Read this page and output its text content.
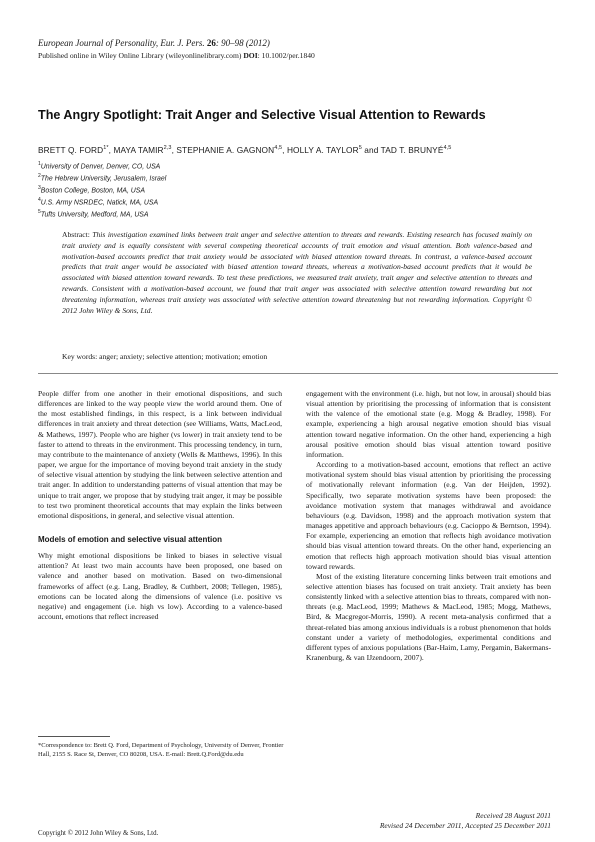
European Journal of Personality, Eur. J. Pers. 26: 90–98 (2012)
Published online in Wiley Online Library (wileyonlinelibrary.com) DOI: 10.1002/per.1840
The Angry Spotlight: Trait Anger and Selective Visual Attention to Rewards
BRETT Q. $FORD^{1*}$, MAYA TAMIR$^{2,3}$, STEPHANIE A. GAGNON$^{4,5}$, HOLLY A. TAYLOR$^5$ and TAD T. BRUNYÉ$^{4,5}$
$^1$University of Denver, Denver, CO, USA
$^2$The Hebrew University, Jerusalem, Israel
$^3$Boston College, Boston, MA, USA
$^4$U.S. Army NSRDEC, Natick, MA, USA
$^5$Tufts University, Medford, MA, USA
Abstract: This investigation examined links between trait anger and selective attention to threats and rewards. Existing research has focused mainly on trait anxiety and is equally consistent with several competing theoretical accounts of trait emotion and visual attention. Both valence-based and motivation-based accounts predict that trait anxiety would be associated with biased attention toward threats. In contrast, a valence-based account predicts that trait anger would be associated with biased attention toward threats, whereas a motivation-based account predicts that it would be associated with biased attention toward rewards. To test these predictions, we measured trait anxiety, trait anger and selective attention to threats and rewards. Consistent with a motivation-based account, we found that trait anger was associated with selective attention toward rewarding but not threatening information, whereas trait anxiety was associated with selective attention toward threatening but not rewarding information. Copyright © 2012 John Wiley & Sons, Ltd.
Key words: anger; anxiety; selective attention; motivation; emotion

People differ from one another in their emotional dispositions, and such differences are linked to the way people view the world around them. One of the most established findings, in this respect, is a link between individual differences in trait anxiety and threat detection (see Williams, Watts, MacLeod, & Mathews, 1997). People who are higher (vs lower) in trait anxiety tend to be faster to attend to threats in the environment. This processing tendency, in turn, may contribute to the maintenance of anxiety (Wells & Matthews, 1996). In this paper, we argue for the importance of moving beyond trait anxiety in the study of selective visual attention by studying the link between selective attention and trait anger. In addition to understanding patterns of visual attention that may be unique to trait anger, we propose that by studying trait anger, it may be possible to test two prominent theoretical accounts that may explain the links between emotional dispositions, in general, and selective visual attention.

Models of emotion and selective visual attention

Why might emotional dispositions be linked to biases in selective visual attention? At least two main accounts have been proposed, one based on valence and another based on motivation. Based on two-dimensional frameworks of affect (e.g. Lang, Bradley, & Cuthbert, 2008; Tellegen, 1985), emotions can be located along the dimensions of valence (i.e. positive vs negative) and engagement (i.e. high vs low). According to a valence-based account, emotions that reflect increased

engagement with the environment (i.e. high, but not low, in arousal) should bias visual attention by prioritising the processing of information that is consistent with the valence of the emotional state (e.g. Mogg & Bradley, 1998). For example, experiencing a high arousal negative emotion should bias visual attention toward negative information. On the other hand, experiencing a high arousal positive emotion should bias visual attention toward positive information.

According to a motivation-based account, emotions that reflect an active motivational system should bias visual attention by prioritising the processing of motivationally relevant information (e.g. Van der Heijden, 1992). Specifically, two separate motivation systems have been proposed: the avoidance motivation system that manages withdrawal and avoidance behaviours (e.g. Davidson, 1998) and the approach motivation system that manages appetitive and approach behaviours (e.g. Cacioppo & Berntson, 1994). For example, experiencing an emotion that reflects high avoidance motivation should bias visual attention toward threats. On the other hand, experiencing an emotion that reflects high approach motivation should bias visual attention toward rewards.

Most of the existing literature concerning links between trait emotions and selective attention biases has focused on trait anxiety. Trait anxiety has been consistently linked with a selective attention bias to threats, compared with non-threats (e.g. MacLeod, 1999; Mathews & MacLeod, 1985; Mogg, Mathews, Bird, & Macgregor-Morris, 1990). A recent meta-analysis confirmed that a threat-related bias among anxious individuals is a robust phenomenon that holds constant under a variety of methodologies, experimental conditions and different types of anxious populations (Bar-Haim, Lamy, Pergamin, Bakermans-Kranenburg, & van IJzendoorn, 2007).

*Correspondence to: Brett Q. Ford, Department of Psychology, University of Denver, Frontier Hall, 2155 S. Race St, Denver, CO 80208, USA. E-mail: Brett.Q.Ford@du.edu
Copyright © 2012 John Wiley & Sons, Ltd.
Received 28 August 2011
Revised 24 December 2011, Accepted 25 December 2011
